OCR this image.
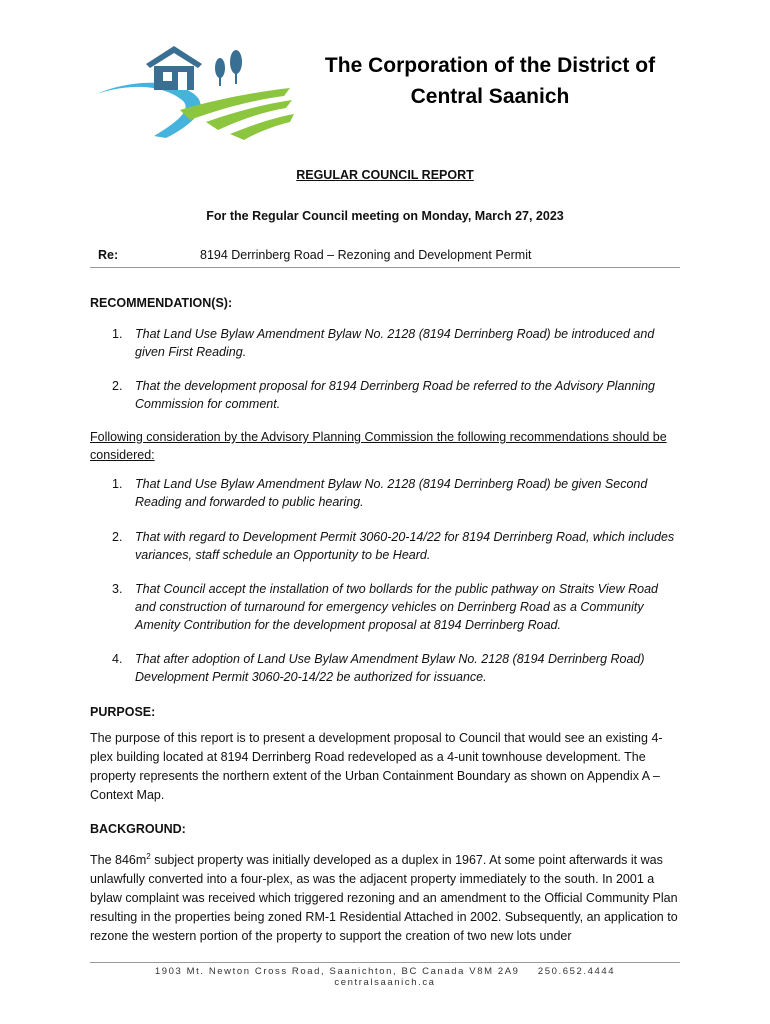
The Corporation of the District of
Central Saanich
REGULAR COUNCIL REPORT
For the Regular Council meeting on Monday, March 27, 2023
Re:	8194 Derrinberg Road – Rezoning and Development Permit
RECOMMENDATION(S):
1. That Land Use Bylaw Amendment Bylaw No. 2128 (8194 Derrinberg Road) be introduced and given First Reading.
2. That the development proposal for 8194 Derrinberg Road be referred to the Advisory Planning Commission for comment.
Following consideration by the Advisory Planning Commission the following recommendations should be considered:
1. That Land Use Bylaw Amendment Bylaw No. 2128 (8194 Derrinberg Road) be given Second Reading and forwarded to public hearing.
2. That with regard to Development Permit 3060-20-14/22 for 8194 Derrinberg Road, which includes variances, staff schedule an Opportunity to be Heard.
3. That Council accept the installation of two bollards for the public pathway on Straits View Road and construction of turnaround for emergency vehicles on Derrinberg Road as a Community Amenity Contribution for the development proposal at 8194 Derrinberg Road.
4. That after adoption of Land Use Bylaw Amendment Bylaw No. 2128 (8194 Derrinberg Road) Development Permit 3060-20-14/22 be authorized for issuance.
PURPOSE:
The purpose of this report is to present a development proposal to Council that would see an existing 4-plex building located at 8194 Derrinberg Road redeveloped as a 4-unit townhouse development. The property represents the northern extent of the Urban Containment Boundary as shown on Appendix A – Context Map.
BACKGROUND:
The $846m^2$ subject property was initially developed as a duplex in 1967. At some point afterwards it was unlawfully converted into a four-plex, as was the adjacent property immediately to the south. In 2001 a bylaw complaint was received which triggered rezoning and an amendment to the Official Community Plan resulting in the properties being zoned RM-1 Residential Attached in 2002. Subsequently, an application to rezone the western portion of the property to support the creation of two new lots under
1903 Mt. Newton Cross Road, Saanichton, BC Canada V8M 2A9 250.652.4444 centralsaanich.ca
